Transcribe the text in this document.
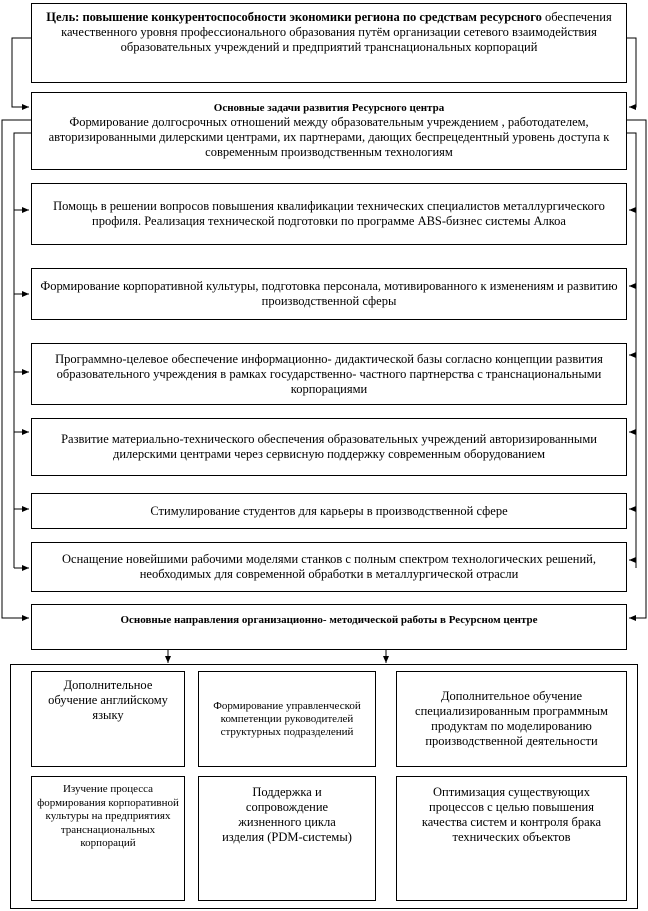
Цель: повышение конкурентоспособности экономики региона по средствам ресурсного обеспечения качественного уровня профессионального образования путём организации сетевого взаимодействия образовательных учреждений и предприятий транснациональных корпораций
Основные задачи развития Ресурсного центра
Формирование долгосрочных отношений между образовательным учреждением , работодателем, авторизированными дилерскими центрами, их партнерами, дающих беспрецедентный уровень доступа к современным производственным технологиям
Помощь в решении вопросов повышения квалификации технических специалистов металлургического профиля. Реализация технической подготовки по программе ABS-бизнес системы Алкоа
Формирование корпоративной культуры, подготовка персонала, мотивированного к изменениям и развитию производственной сферы
Программно-целевое обеспечение информационно- дидактической базы согласно концепции развития образовательного учреждения в рамках государственно- частного партнерства с транснациональными корпорациями
Развитие материально-технического обеспечения образовательных учреждений авторизированными дилерскими центрами через сервисную поддержку современным оборудованием
Стимулирование студентов для карьеры в производственной сфере
Оснащение новейшими рабочими моделями станков с полным спектром технологических решений, необходимых для современной обработки в металлургической отрасли
Основные направления организационно- методической работы в Ресурсном центре
Дополнительное обучение английскому языку
Формирование управленческой компетенции руководителей структурных подразделений
Дополнительное обучение специализированным программным продуктам по моделированию производственной деятельности
Изучение процесса формирования корпоративной культуры на предприятиях транснациональных корпораций
Поддержка и сопровождение жизненного цикла изделия (PDM-системы)
Оптимизация существующих процессов с целью повышения качества систем и контроля брака технических объектов
